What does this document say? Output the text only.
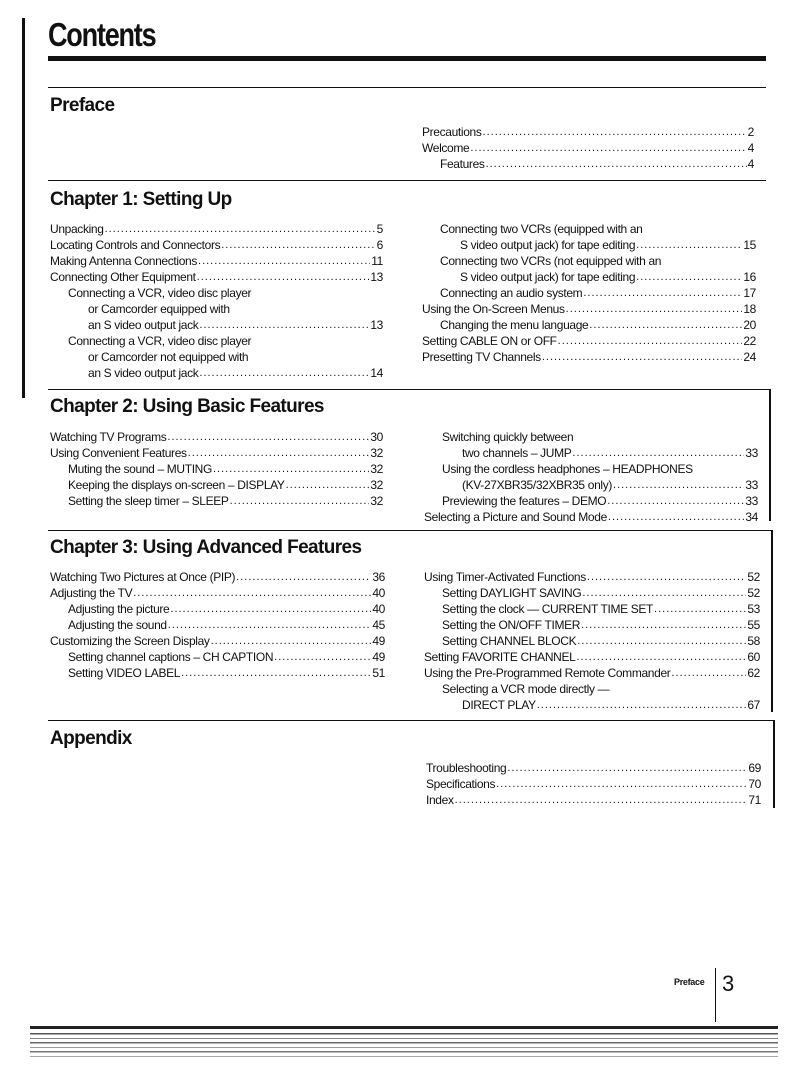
Contents
Preface
Precautions .....	2
Welcome .....	4
Features .....	4
Chapter 1: Setting Up
Unpacking .....	5
Locating Controls and Connectors .....	6
Making Antenna Connections .....	11
Connecting Other Equipment .....	13
Connecting a VCR, video disc player
or Camcorder equipped with
an S video output jack .....	13
Connecting a VCR, video disc player
or Camcorder not equipped with
an S video output jack .....	14
Connecting two VCRs (equipped with an
S video output jack) for tape editing .....	15
Connecting two VCRs (not equipped with an
S video output jack) for tape editing .....	16
Connecting an audio system .....	17
Using the On-Screen Menus .....	18
Changing the menu language .....	20
Setting CABLE ON or OFF .....	22
Presetting TV Channels .....	24
Chapter 2: Using Basic Features
Watching TV Programs .....	30
Using Convenient Features .....	32
Muting the sound – MUTING .....	32
Keeping the displays on-screen – DISPLAY .....	32
Setting the sleep timer – SLEEP .....	32
Switching quickly between
two channels – JUMP .....	33
Using the cordless headphones – HEADPHONES
(KV-27XBR35/32XBR35 only) .....	33
Previewing the features – DEMO .....	33
Selecting a Picture and Sound Mode .....	34
Chapter 3: Using Advanced Features
Watching Two Pictures at Once (PIP) .....	36
Adjusting the TV .....	40
Adjusting the picture .....	40
Adjusting the sound .....	45
Customizing the Screen Display .....	49
Setting channel captions – CH CAPTION .....	49
Setting VIDEO LABEL .....	51
Using Timer-Activated Functions .....	52
Setting DAYLIGHT SAVING .....	52
Setting the clock — CURRENT TIME SET .....	53
Setting the ON/OFF TIMER .....	55
Setting CHANNEL BLOCK .....	58
Setting FAVORITE CHANNEL .....	60
Using the Pre-Programmed Remote Commander .....	62
Selecting a VCR mode directly —
DIRECT PLAY .....	67
Appendix
Troubleshooting .....	69
Specifications .....	70
Index .....	71
Preface 3
